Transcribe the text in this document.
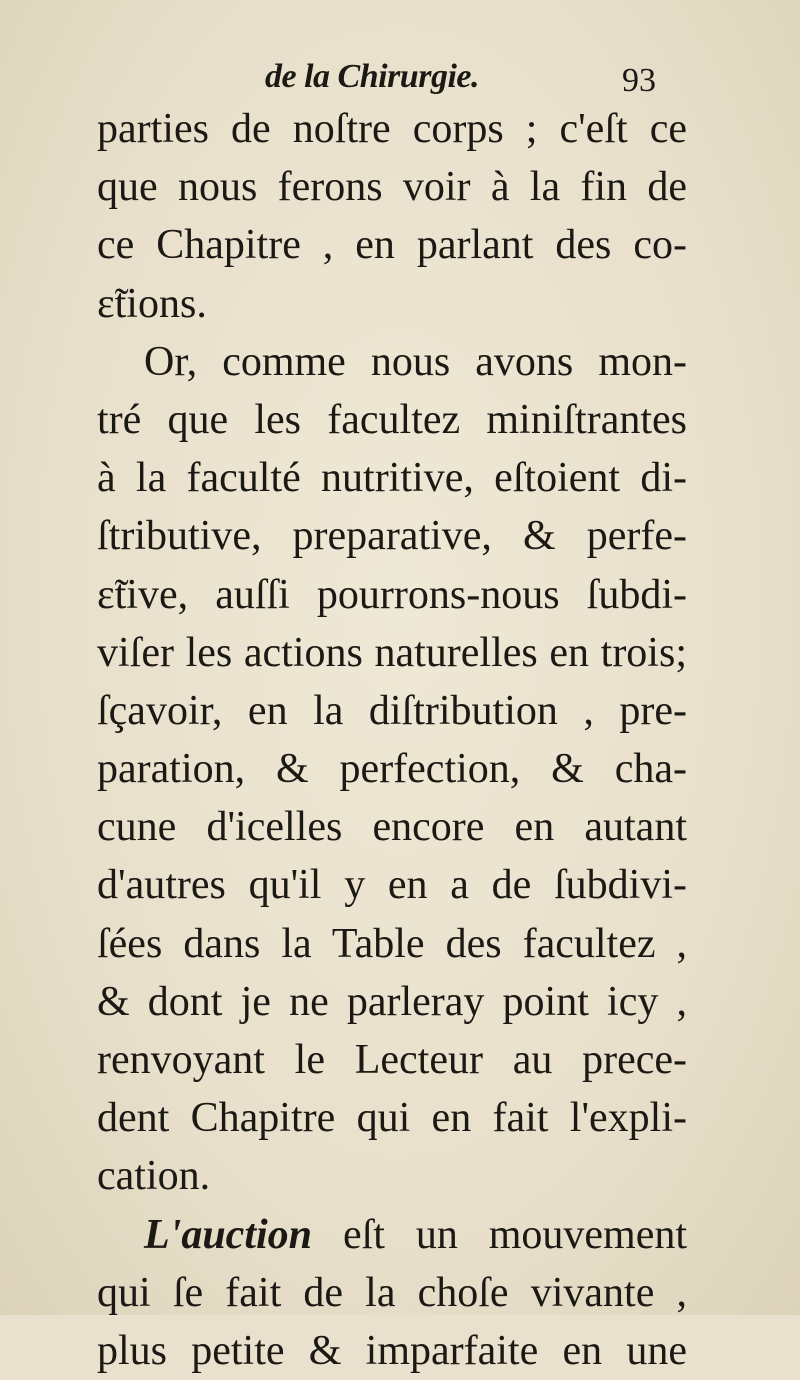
de la Chirurgie.	93
parties de noſtre corps ; c'eſt ce
que nous ferons voir à la fin de
ce Chapitre , en parlant des co-
ɛ̃tions.
Or, comme nous avons mon-
tré que les facultez miniſtrantes
à la faculté nutritive, eſtoient di-
ſtributive, preparative, & perfe-
ɛ̃tive, auſſi pourrons-nous ſubdi-
viſer les actions naturelles en trois;
ſçavoir, en la diſtribution , pre-
paration, & perfection, & cha-
cune d'icelles encore en autant
d'autres qu'il y en a de ſubdivi-
ſées dans la Table des facultez ,
& dont je ne parleray point icy ,
renvoyant le Lecteur au prece-
dent Chapitre qui en fait l'expli-
cation.
L'auction eſt un mouvement
qui ſe fait de la choſe vivante ,
plus petite & imparfaite en une
